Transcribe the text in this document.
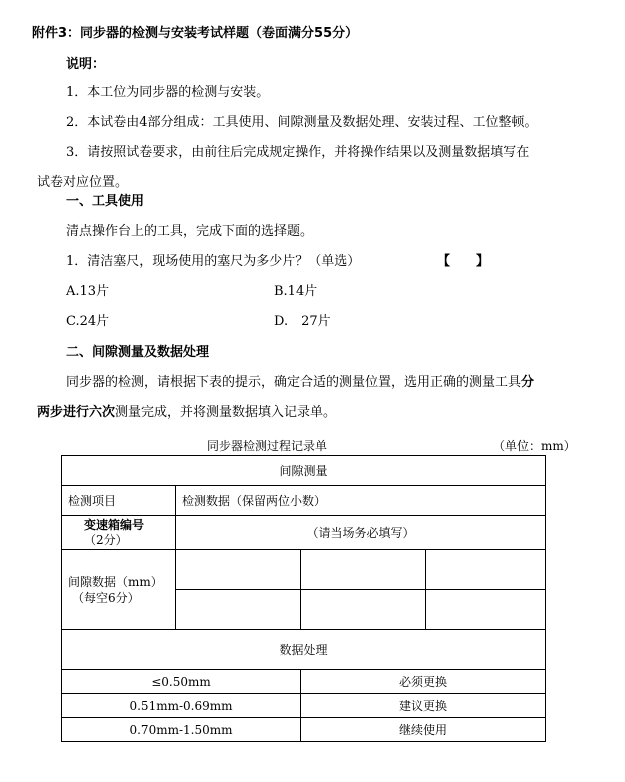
附件3：同步器的检测与安装考试样题（卷面满分55分）
说明：
1．本工位为同步器的检测与安装。
2．本试卷由4部分组成：工具使用、间隙测量及数据处理、安装过程、工位整顿。
3．请按照试卷要求，由前往后完成规定操作，并将操作结果以及测量数据填写在
试卷对应位置。
一、工具使用
清点操作台上的工具，完成下面的选择题。
1．清洁塞尺，现场使用的塞尺为多少片？（单选）	【　　】
A.13片	B.14片
C.24片	D.　27片
二、间隙测量及数据处理
同步器的检测，请根据下表的提示，确定合适的测量位置，选用正确的测量工具分
两步进行六次测量完成，并将测量数据填入记录单。
同步器检测过程记录单	（单位：mm）
间隙测量			
检测项目	检测数据（保留两位小数）		

变速箱编号
（2分）	（请当场务必填写）		

间隙数据（mm）
（每空6分）			

数据处理			
≤0.50mm		必须更换	
0.51mm-0.69mm		建议更换	
0.70mm-1.50mm		继续使用	
